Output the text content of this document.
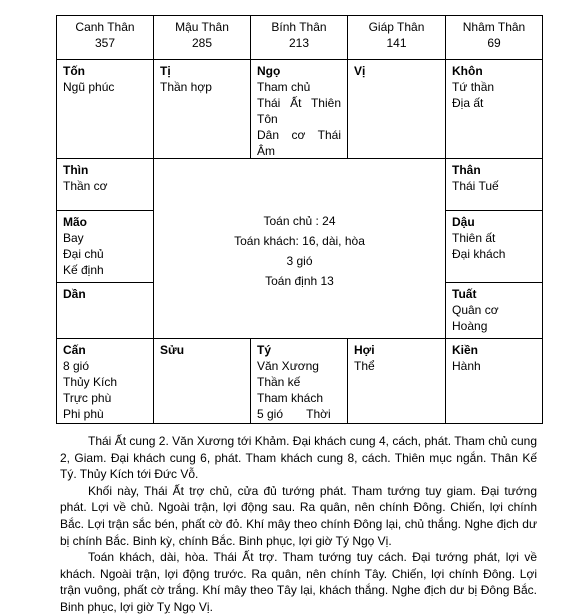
Canh Thân
357
Mậu Thân
285
Bính Thân
213
Giáp Thân
141
Nhâm Thân
69
Tốn
Ngũ phúc
Tị
Thần hợp
Ngọ
Tham chủ
Thái Ất Thiên
Tôn
Dân cơ Thái
Âm
Vị	Khôn
Tứ thần
Địa ất
Thìn
Thần cơ
Mão
Bay
Đại chủ
Kế định
Dần
Toán chủ : 24
Toán khách: 16, dài, hòa
3 gió
Toán định 13
Thân
Thái Tuế
Dậu
Thiên ất
Đại khách
Tuất
Quân cơ
Hoàng
Cấn
8 gió
Thủy Kích
Trực phù
Phi phù
Sửu	Tý
Văn Xương
Thần kế
Tham khách
5 gió       Thời
Hợi
Thể
Kiền
Hành

Thái Ất cung 2. Văn Xương tới Khảm. Đại khách cung 4, cách, phát. Tham chủ cung 2, Giam. Đại khách cung 6, phát. Tham khách cung 8, cách. Thiên mục ngắn. Thân Kế Tý. Thủy Kích tới Đức Vỗ.

Khối này, Thái Ất trợ chủ, cửa đủ tướng phát. Tham tướng tuy giam. Đại tướng phát. Lợi về chủ. Ngoài trận, lợi động sau. Ra quân, nên chính Đông. Chiến, lợi chính Bắc. Lợi trận sắc bén, phất cờ đỏ. Khí mây theo chính Đông lại, chủ thắng. Nghe địch dư bị chính Bắc. Binh kỳ, chính Bắc. Binh phục, lợi giờ Tý Ngọ Vị.

Toán khách, dài, hòa. Thái Ất trợ. Tham tướng tuy cách. Đại tướng phát, lợi về khách. Ngoài trận, lợi động trước. Ra quân, nên chính Tây. Chiến, lợi chính Đông. Lợi trận vuông, phất cờ trắng. Khí mây theo Tây lại, khách thắng. Nghe địch dư bị Đông Bắc. Binh phục, lợi giờ Tỵ Ngọ Vị.
